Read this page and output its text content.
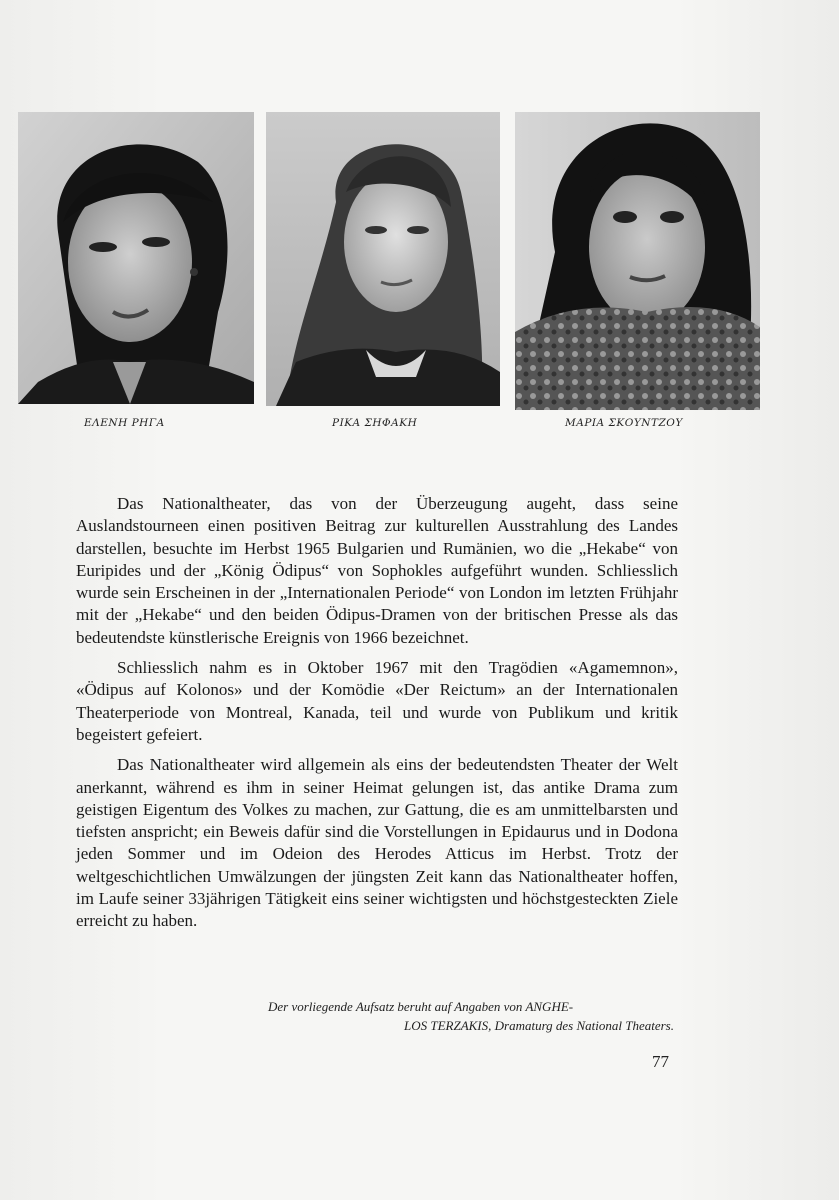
ΕΛΕΝΗ ΡΗΓΑ	ΡΙΚΑ ΣΗΦΑΚΗ	ΜΑΡΙΑ ΣΚΟΥΝΤΖΟΥ

Das Nationaltheater, das von der Überzeugung augeht, dass seine Auslandstourneen einen positiven Beitrag zur kulturellen Ausstrahlung des Landes darstellen, besuchte im Herbst 1965 Bulgarien und Rumänien, wo die „Hekabe“ von Euripides und der „König Ödipus“ von Sophokles aufgeführt wunden. Schliesslich wurde sein Erscheinen in der „Internationalen Periode“ von London im letzten Frühjahr mit der „Hekabe“ und den beiden Ödipus-Dramen von der britischen Presse als das bedeutendste künstlerische Ereignis von 1966 bezeichnet.

Schliesslich nahm es in Oktober 1967 mit den Tragödien «Agamemnon», «Ödipus auf Kolonos» und der Komödie «Der Reictum» an der Internationalen Theaterperiode von Montreal, Kanada, teil und wurde von Publikum und kritik begeistert gefeiert.

Das Nationaltheater wird allgemein als eins der bedeutendsten Theater der Welt anerkannt, während es ihm in seiner Heimat gelungen ist, das antike Drama zum geistigen Eigentum des Volkes zu machen, zur Gattung, die es am unmittelbarsten und tiefsten anspricht; ein Beweis dafür sind die Vorstellungen in Epidaurus und in Dodona jeden Sommer und im Odeion des Herodes Atticus im Herbst. Trotz der weltgeschichtlichen Umwälzungen der jüngsten Zeit kann das Nationaltheater hoffen, im Laufe seiner 33jährigen Tätigkeit eins seiner wichtigsten und höchstgesteckten Ziele erreicht zu haben.

Der vorliegende Aufsatz beruht auf Angaben von ANGHE-
LOS TERZAKIS, Dramaturg des National Theaters.
77
